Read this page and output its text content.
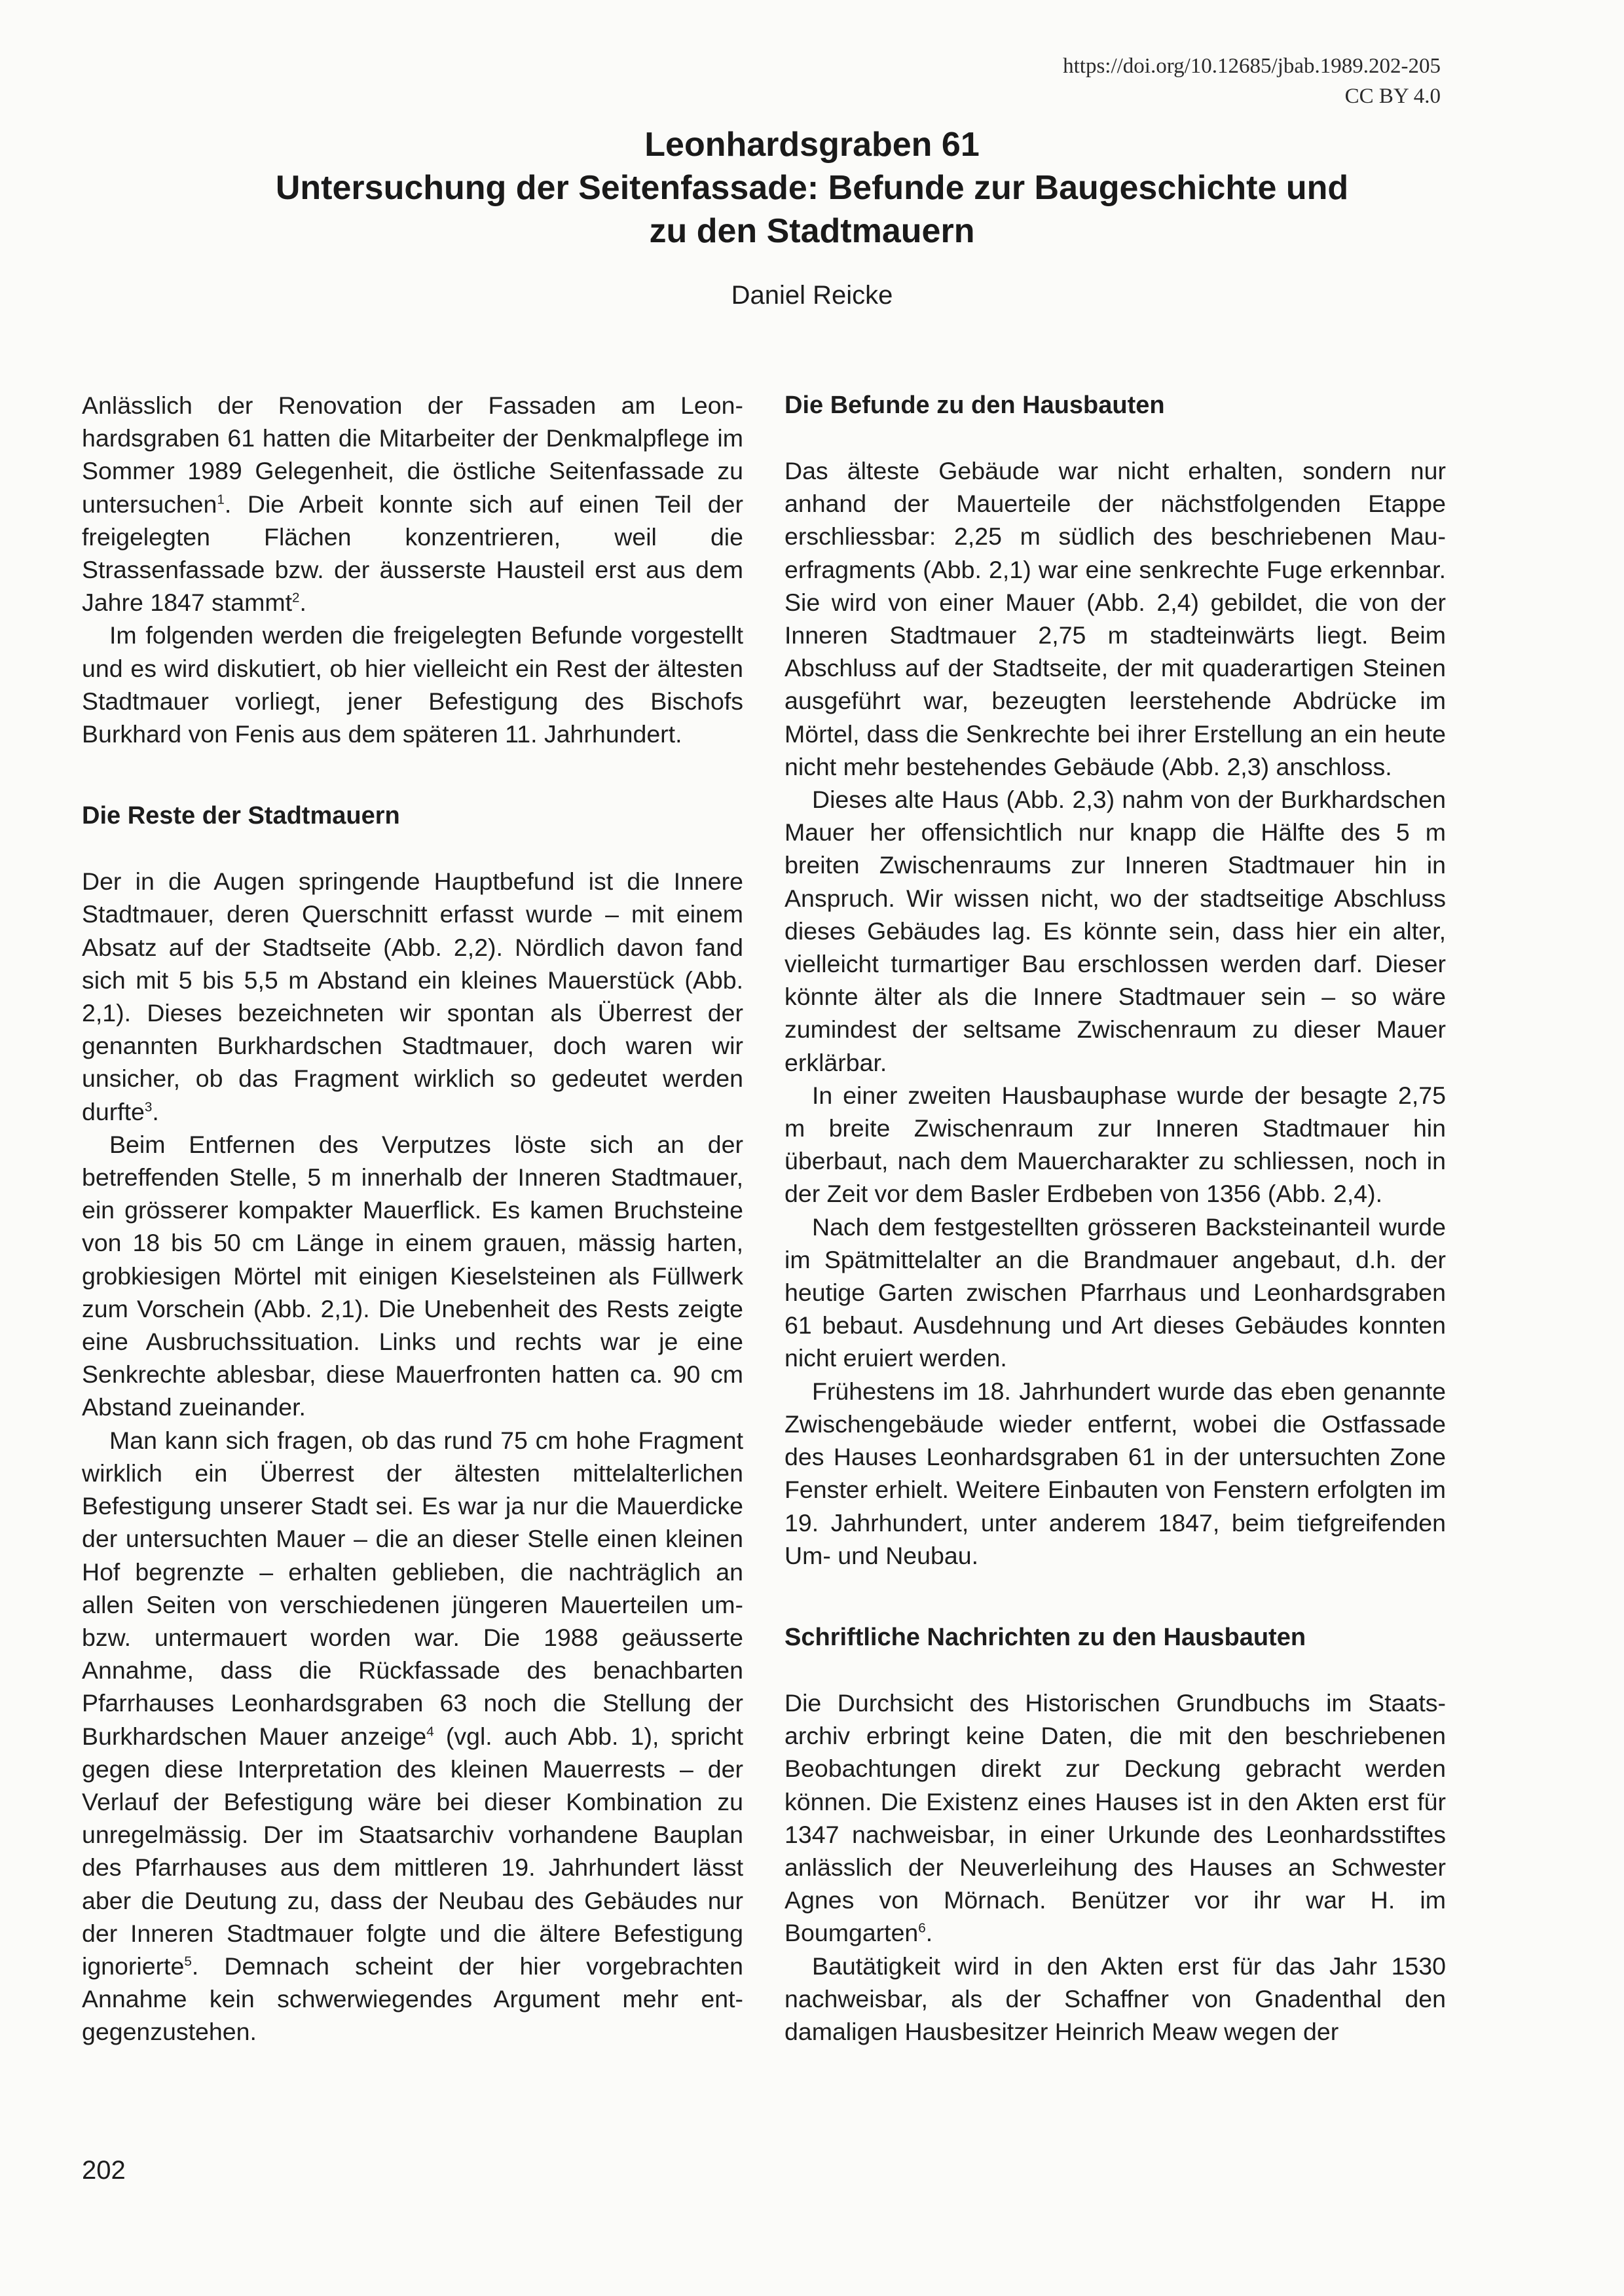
https://doi.org/10.12685/jbab.1989.202-205
CC BY 4.0
Leonhardsgraben 61
Untersuchung der Seitenfassade: Befunde zur Baugeschichte und
zu den Stadtmauern
Daniel Reicke

Anlässlich der Renovation der Fassaden am Leonhardsgraben 61 hatten die Mitarbeiter der Denkmalpflege im Sommer 1989 Gelegenheit, die östliche Seitenfassade zu untersuchen$^1$. Die Arbeit konnte sich auf einen Teil der freigelegten Flächen konzentrieren, weil die Strassenfassade bzw. der äusserste Hausteil erst aus dem Jahre 1847 stammt$^2$.

Im folgenden werden die freigelegten Befunde vorgestellt und es wird diskutiert, ob hier vielleicht ein Rest der ältesten Stadtmauer vorliegt, jener Befestigung des Bischofs Burkhard von Fenis aus dem späteren 11. Jahrhundert.

Die Reste der Stadtmauern

Der in die Augen springende Hauptbefund ist die Innere Stadtmauer, deren Querschnitt erfasst wurde – mit einem Absatz auf der Stadtseite (Abb. 2,2). Nördlich davon fand sich mit 5 bis 5,5 m Abstand ein kleines Mauerstück (Abb. 2,1). Dieses bezeichneten wir spontan als Überrest der genannten Burkhardschen Stadtmauer, doch waren wir unsicher, ob das Fragment wirklich so gedeutet werden durfte$^3$.

Beim Entfernen des Verputzes löste sich an der betreffenden Stelle, 5 m innerhalb der Inneren Stadtmauer, ein grösserer kompakter Mauerflick. Es kamen Bruchsteine von 18 bis 50 cm Länge in einem grauen, mässig harten, grobkiesigen Mörtel mit einigen Kieselsteinen als Füllwerk zum Vorschein (Abb. 2,1). Die Unebenheit des Rests zeigte eine Ausbruchssituation. Links und rechts war je eine Senkrechte ablesbar, diese Mauerfronten hatten ca. 90 cm Abstand zueinander.

Man kann sich fragen, ob das rund 75 cm hohe Fragment wirklich ein Überrest der ältesten mittelalterlichen Befestigung unserer Stadt sei. Es war ja nur die Mauerdicke der untersuchten Mauer – die an dieser Stelle einen kleinen Hof begrenzte – erhalten geblieben, die nachträglich an allen Seiten von verschiedenen jüngeren Mauerteilen um- bzw. untermauert worden war. Die 1988 geäusserte Annahme, dass die Rückfassade des benachbarten Pfarrhauses Leonhardsgraben 63 noch die Stellung der Burkhardschen Mauer anzeige$^4$ (vgl. auch Abb. 1), spricht gegen diese Interpretation des kleinen Mauerrests – der Verlauf der Befestigung wäre bei dieser Kombination zu unregelmässig. Der im Staatsarchiv vorhandene Bauplan des Pfarrhauses aus dem mittleren 19. Jahrhundert lässt aber die Deutung zu, dass der Neubau des Gebäudes nur der Inneren Stadtmauer folgte und die ältere Befestigung ignorierte$^5$. Demnach scheint der hier vorgebrachten Annahme kein schwerwiegendes Argument mehr entgegenzustehen.

Die Befunde zu den Hausbauten

Das älteste Gebäude war nicht erhalten, sondern nur anhand der Mauerteile der nächstfolgenden Etappe erschliessbar: 2,25 m südlich des beschriebenen Mauerfragments (Abb. 2,1) war eine senkrechte Fuge erkennbar. Sie wird von einer Mauer (Abb. 2,4) gebildet, die von der Inneren Stadtmauer 2,75 m stadteinwärts liegt. Beim Abschluss auf der Stadtseite, der mit quaderartigen Steinen ausgeführt war, bezeugten leerstehende Abdrücke im Mörtel, dass die Senkrechte bei ihrer Erstellung an ein heute nicht mehr bestehendes Gebäude (Abb. 2,3) anschloss.

Dieses alte Haus (Abb. 2,3) nahm von der Burkhardschen Mauer her offensichtlich nur knapp die Hälfte des 5 m breiten Zwischenraums zur Inneren Stadtmauer hin in Anspruch. Wir wissen nicht, wo der stadtseitige Abschluss dieses Gebäudes lag. Es könnte sein, dass hier ein alter, vielleicht turmartiger Bau erschlossen werden darf. Dieser könnte älter als die Innere Stadtmauer sein – so wäre zumindest der seltsame Zwischenraum zu dieser Mauer erklärbar.

In einer zweiten Hausbauphase wurde der besagte 2,75 m breite Zwischenraum zur Inneren Stadtmauer hin überbaut, nach dem Mauercharakter zu schliessen, noch in der Zeit vor dem Basler Erdbeben von 1356 (Abb. 2,4).

Nach dem festgestellten grösseren Backsteinanteil wurde im Spätmittelalter an die Brandmauer angebaut, d.h. der heutige Garten zwischen Pfarrhaus und Leonhardsgraben 61 bebaut. Ausdehnung und Art dieses Gebäudes konnten nicht eruiert werden.

Frühestens im 18. Jahrhundert wurde das eben genannte Zwischengebäude wieder entfernt, wobei die Ostfassade des Hauses Leonhardsgraben 61 in der untersuchten Zone Fenster erhielt. Weitere Einbauten von Fenstern erfolgten im 19. Jahrhundert, unter anderem 1847, beim tiefgreifenden Um- und Neubau.

Schriftliche Nachrichten zu den Hausbauten

Die Durchsicht des Historischen Grundbuchs im Staatsarchiv erbringt keine Daten, die mit den beschriebenen Beobachtungen direkt zur Deckung gebracht werden können. Die Existenz eines Hauses ist in den Akten erst für 1347 nachweisbar, in einer Urkunde des Leonhardsstiftes anlässlich der Neuverleihung des Hauses an Schwester Agnes von Mörnach. Benützer vor ihr war H. im Boumgarten$^6$.

Bautätigkeit wird in den Akten erst für das Jahr 1530 nachweisbar, als der Schaffner von Gnadenthal den damaligen Hausbesitzer Heinrich Meaw wegen der

202
